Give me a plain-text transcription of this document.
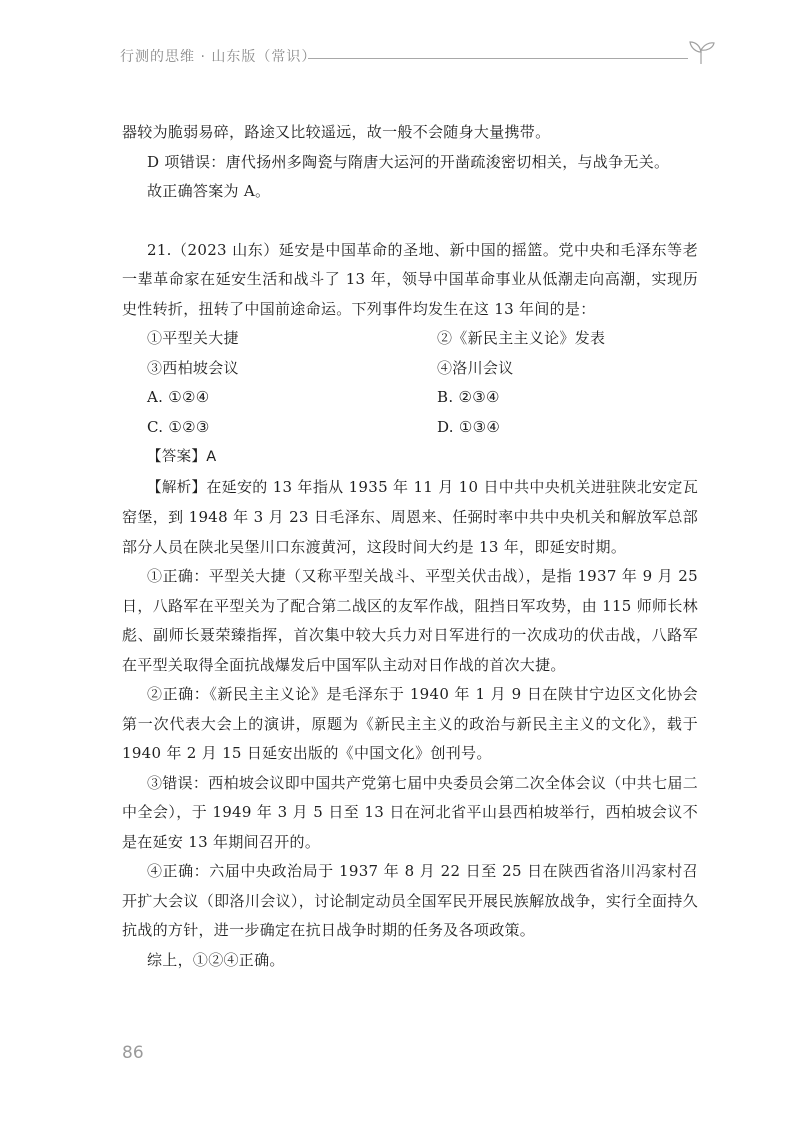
行测的思维 · 山东版（常识）

器较为脆弱易碎，路途又比较遥远，故一般不会随身大量携带。

D 项错误：唐代扬州多陶瓷与隋唐大运河的开凿疏浚密切相关，与战争无关。

故正确答案为 A。

21.（2023 山东）延安是中国革命的圣地、新中国的摇篮。党中央和毛泽东等老一辈革命家在延安生活和战斗了 13 年，领导中国革命事业从低潮走向高潮，实现历史性转折，扭转了中国前途命运。下列事件均发生在这 13 年间的是：

①平型关大捷	②《新民主主义论》发表
③西柏坡会议	④洛川会议
A. ①②④	B. ②③④
C. ①②③	D. ①③④

【答案】A

【解析】在延安的 13 年指从 1935 年 11 月 10 日中共中央机关进驻陕北安定瓦窑堡，到 1948 年 3 月 23 日毛泽东、周恩来、任弼时率中共中央机关和解放军总部部分人员在陕北吴堡川口东渡黄河，这段时间大约是 13 年，即延安时期。

①正确：平型关大捷（又称平型关战斗、平型关伏击战），是指 1937 年 9 月 25 日，八路军在平型关为了配合第二战区的友军作战，阻挡日军攻势，由 115 师师长林彪、副师长聂荣臻指挥，首次集中较大兵力对日军进行的一次成功的伏击战，八路军在平型关取得全面抗战爆发后中国军队主动对日作战的首次大捷。

②正确：《新民主主义论》是毛泽东于 1940 年 1 月 9 日在陕甘宁边区文化协会第一次代表大会上的演讲，原题为《新民主主义的政治与新民主主义的文化》，载于 1940 年 2 月 15 日延安出版的《中国文化》创刊号。

③错误：西柏坡会议即中国共产党第七届中央委员会第二次全体会议（中共七届二中全会），于 1949 年 3 月 5 日至 13 日在河北省平山县西柏坡举行，西柏坡会议不是在延安 13 年期间召开的。

④正确：六届中央政治局于 1937 年 8 月 22 日至 25 日在陕西省洛川冯家村召开扩大会议（即洛川会议），讨论制定动员全国军民开展民族解放战争，实行全面持久抗战的方针，进一步确定在抗日战争时期的任务及各项政策。

综上，①②④正确。

86
